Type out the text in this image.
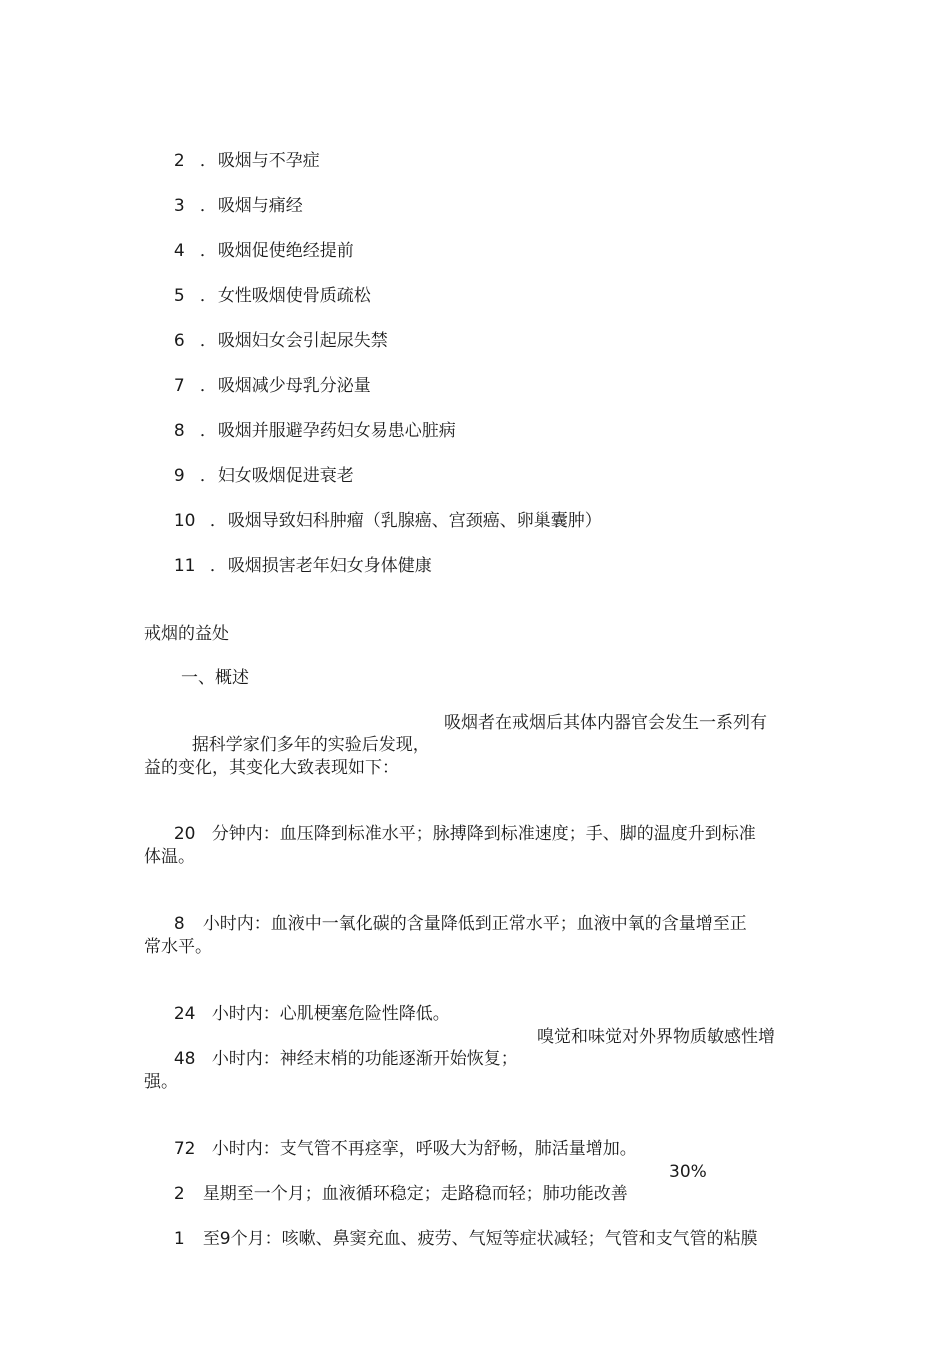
2 ．吸烟与不孕症

3 ．吸烟与痛经

4 ．吸烟促使绝经提前

5 ．女性吸烟使骨质疏松

6 ．吸烟妇女会引起尿失禁

7 ．吸烟减少母乳分泌量

8 ．吸烟并服避孕药妇女易患心脏病

9 ．妇女吸烟促进衰老

10 ．吸烟导致妇科肿瘤（乳腺癌、宫颈癌、卵巢囊肿）

11 ．吸烟损害老年妇女身体健康

戒烟的益处
一、概述

据科学家们多年的实验后发现，
吸烟者在戒烟后其体内器官会发生一系列有

益的变化，其变化大致表现如下：

20 分钟内：血压降到标准水平；脉搏降到标准速度；手、脚的温度升到标准

体温。

8 小时内：血液中一氧化碳的含量降低到正常水平；血液中氧的含量增至正

常水平。

24 小时内：心肌梗塞危险性降低。

48 小时内：神经末梢的功能逐渐开始恢复；
嗅觉和味觉对外界物质敏感性增

强。

72 小时内：支气管不再痉挛，呼吸大为舒畅，肺活量增加。

2 星期至一个月；血液循环稳定；走路稳而轻；肺功能改善
30%

1 至9个月：咳嗽、鼻窦充血、疲劳、气短等症状减轻；气管和支气管的粘膜
